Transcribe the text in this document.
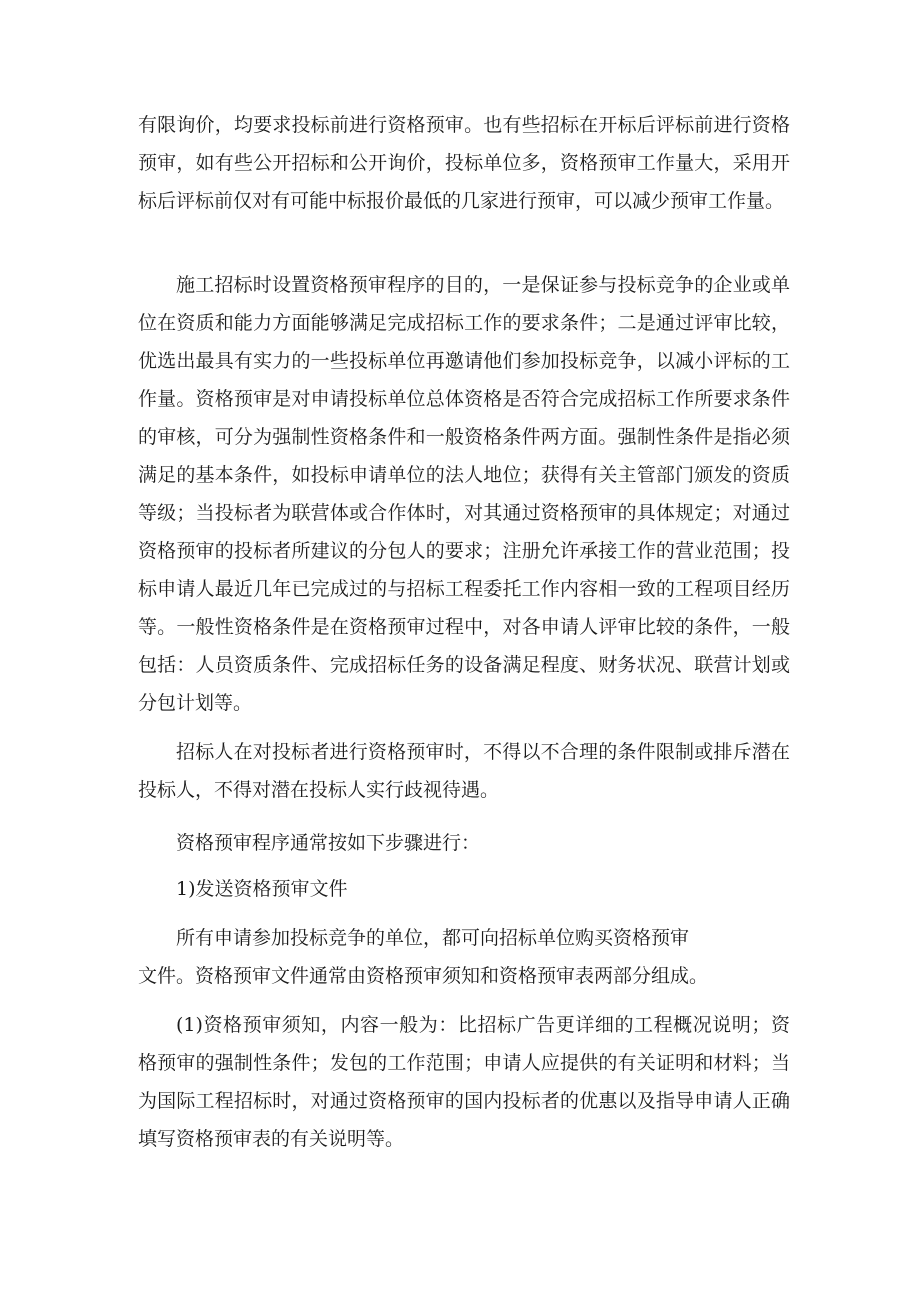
有限询价，均要求投标前进行资格预审。也有些招标在开标后评标前进行资格预审，如有些公开招标和公开询价，投标单位多，资格预审工作量大，采用开标后评标前仅对有可能中标报价最低的几家进行预审，可以减少预审工作量。

施工招标时设置资格预审程序的目的，一是保证参与投标竞争的企业或单位在资质和能力方面能够满足完成招标工作的要求条件；二是通过评审比较，优选出最具有实力的一些投标单位再邀请他们参加投标竞争，以减小评标的工作量。资格预审是对申请投标单位总体资格是否符合完成招标工作所要求条件的审核，可分为强制性资格条件和一般资格条件两方面。强制性条件是指必须满足的基本条件，如投标申请单位的法人地位；获得有关主管部门颁发的资质等级；当投标者为联营体或合作体时，对其通过资格预审的具体规定；对通过资格预审的投标者所建议的分包人的要求；注册允许承接工作的营业范围；投标申请人最近几年已完成过的与招标工程委托工作内容相一致的工程项目经历等。一般性资格条件是在资格预审过程中，对各申请人评审比较的条件，一般包括：人员资质条件、完成招标任务的设备满足程度、财务状况、联营计划或分包计划等。

招标人在对投标者进行资格预审时，不得以不合理的条件限制或排斥潜在投标人，不得对潜在投标人实行歧视待遇。

资格预审程序通常按如下步骤进行：

1)发送资格预审文件

所有申请参加投标竞争的单位，都可向招标单位购买资格预审

文件。资格预审文件通常由资格预审须知和资格预审表两部分组成。

(1)资格预审须知，内容一般为：比招标广告更详细的工程概况说明；资格预审的强制性条件；发包的工作范围；申请人应提供的有关证明和材料；当为国际工程招标时，对通过资格预审的国内投标者的优惠以及指导申请人正确填写资格预审表的有关说明等。
